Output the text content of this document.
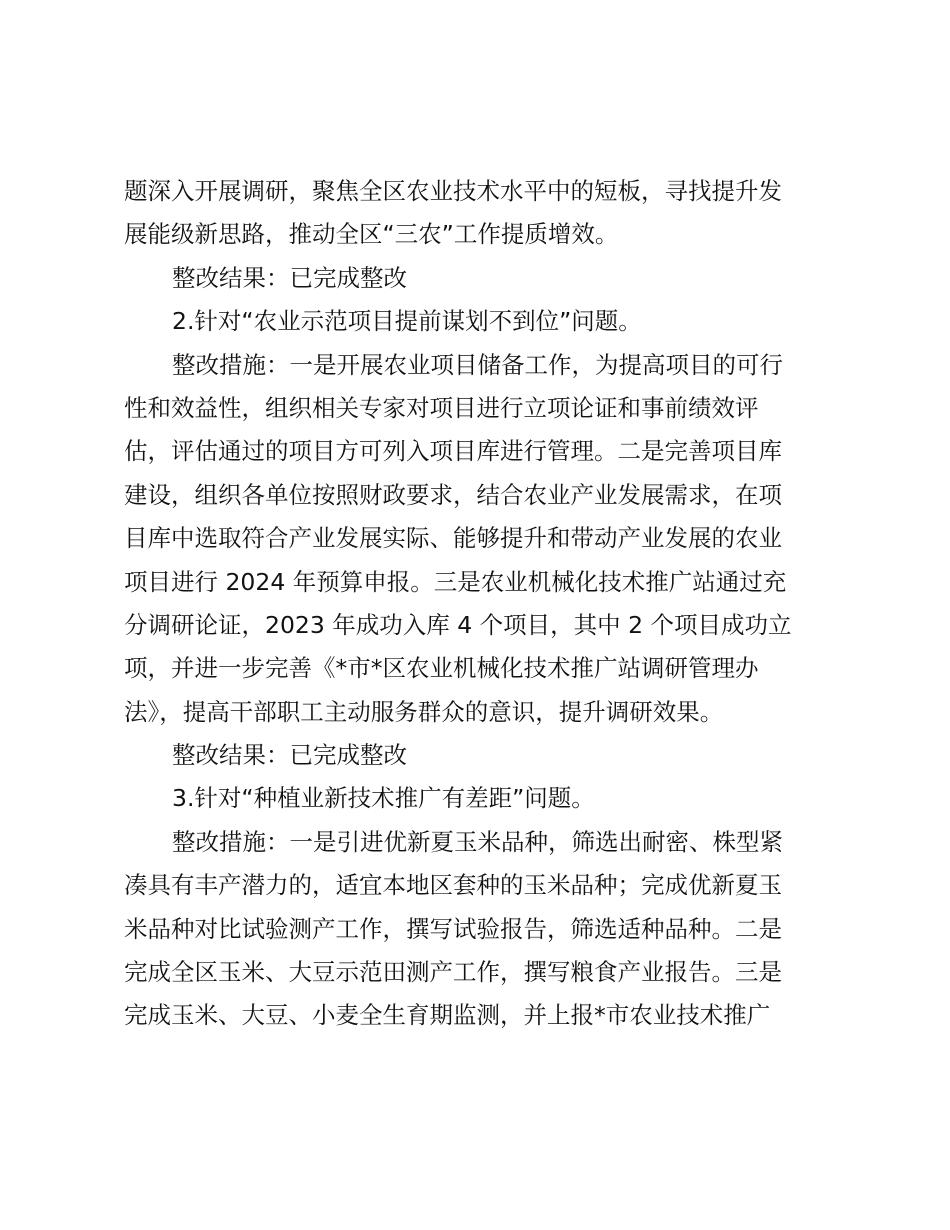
题深入开展调研，聚焦全区农业技术水平中的短板，寻找提升发
展能级新思路，推动全区“三农”工作提质增效。
整改结果：已完成整改
2.针对“农业示范项目提前谋划不到位”问题。
整改措施：一是开展农业项目储备工作，为提高项目的可行
性和效益性，组织相关专家对项目进行立项论证和事前绩效评
估，评估通过的项目方可列入项目库进行管理。二是完善项目库
建设，组织各单位按照财政要求，结合农业产业发展需求，在项
目库中选取符合产业发展实际、能够提升和带动产业发展的农业
项目进行 2024 年预算申报。三是农业机械化技术推广站通过充
分调研论证，2023 年成功入库 4 个项目，其中 2 个项目成功立
项，并进一步完善《*市*区农业机械化技术推广站调研管理办
法》，提高干部职工主动服务群众的意识，提升调研效果。
整改结果：已完成整改
3.针对“种植业新技术推广有差距”问题。
整改措施：一是引进优新夏玉米品种，筛选出耐密、株型紧
凑具有丰产潜力的，适宜本地区套种的玉米品种；完成优新夏玉
米品种对比试验测产工作，撰写试验报告，筛选适种品种。二是
完成全区玉米、大豆示范田测产工作，撰写粮食产业报告。三是
完成玉米、大豆、小麦全生育期监测，并上报*市农业技术推广
